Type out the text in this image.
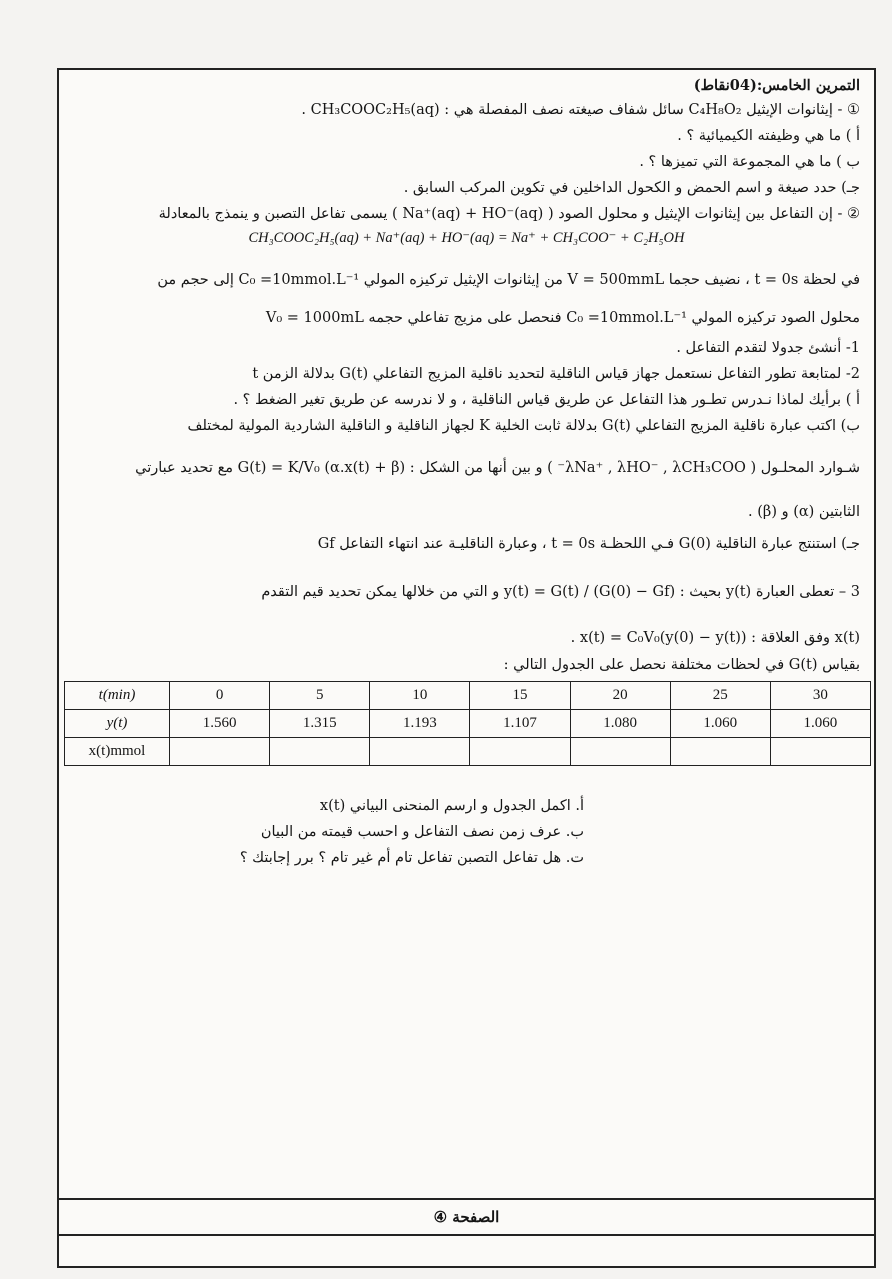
التمرين الخامس:(04نقاط)
① - إيثانوات الإيثيل C₄H₈O₂ سائل شفاف صيغته نصف المفصلة هي : CH₃COOC₂H₅(aq) .
أ ) ما هي وظيفته الكيميائية ؟ .
ب ) ما هي المجموعة التي تميزها ؟ .
جـ) حدد صيغة و اسم الحمض و الكحول الداخلين في تكوين المركب السابق .
② - إن التفاعل بين إيثانوات الإيثيل و محلول الصود ( Na⁺(aq) + HO⁻(aq) ) يسمى تفاعل التصبن و ينمذج بالمعادلة
CH₃COOC₂H₅(aq) + Na⁺(aq) + HO⁻(aq) = Na⁺ + CH₃COO⁻ + C₂H₅OH
في لحظة t = 0s ، نضيف حجما V = 500mmL من إيثانوات الإيثيل تركيزه المولي C₀ =10mmol.L⁻¹ إلى حجم من
محلول الصود تركيزه المولي C₀ =10mmol.L⁻¹ فنحصل على مزيج تفاعلي حجمه V₀ = 1000mL
1- أنشئ جدولا لتقدم التفاعل .
2- لمتابعة تطور التفاعل نستعمل جهاز قياس الناقلية لتحديد ناقلية المزيج التفاعلي G(t) بدلالة الزمن t
أ ) برأيك لماذا نـدرس تطـور هذا التفاعل عن طريق قياس الناقلية ، و لا ندرسه عن طريق تغير الضغط ؟ .
ب) اكتب عبارة ناقلية المزيج التفاعلي G(t) بدلالة ثابت الخلية K لجهاز الناقلية و الناقلية الشاردية المولية لمختلف
شـوارد المحلـول ( λNa⁺ , λHO⁻ , λCH₃COO⁻ ) و بين أنها من الشكل : G(t) = K/V₀ (α.x(t) + β) مع تحديد عبارتي
الثابتين (α) و (β) .
جـ) استنتج عبارة الناقلية G(0) فـي اللحظـة t = 0s ، وعبارة الناقليـة عند انتهاء التفاعل Gf
3 – تعطى العبارة y(t) بحيث : y(t) = G(t) / (G(0) − Gf) و التي من خلالها يمكن تحديد قيم التقدم
x(t) وفق العلاقة : x(t) = C₀V₀(y(0) − y(t)) .
بقياس G(t) في لحظات مختلفة نحصل على الجدول التالي :
t(min)	0	5	10	15	20	25	30
y(t)	1.560	1.315	1.193	1.107	1.080	1.060	1.060
x(t)mmol							
أ. اكمل الجدول و ارسم المنحنى البياني x(t)
ب. عرف زمن نصف التفاعل و احسب قيمته من البيان
ت. هل تفاعل التصبن تفاعل تام أم غير تام ؟ برر إجابتك ؟
الصفحة ④
